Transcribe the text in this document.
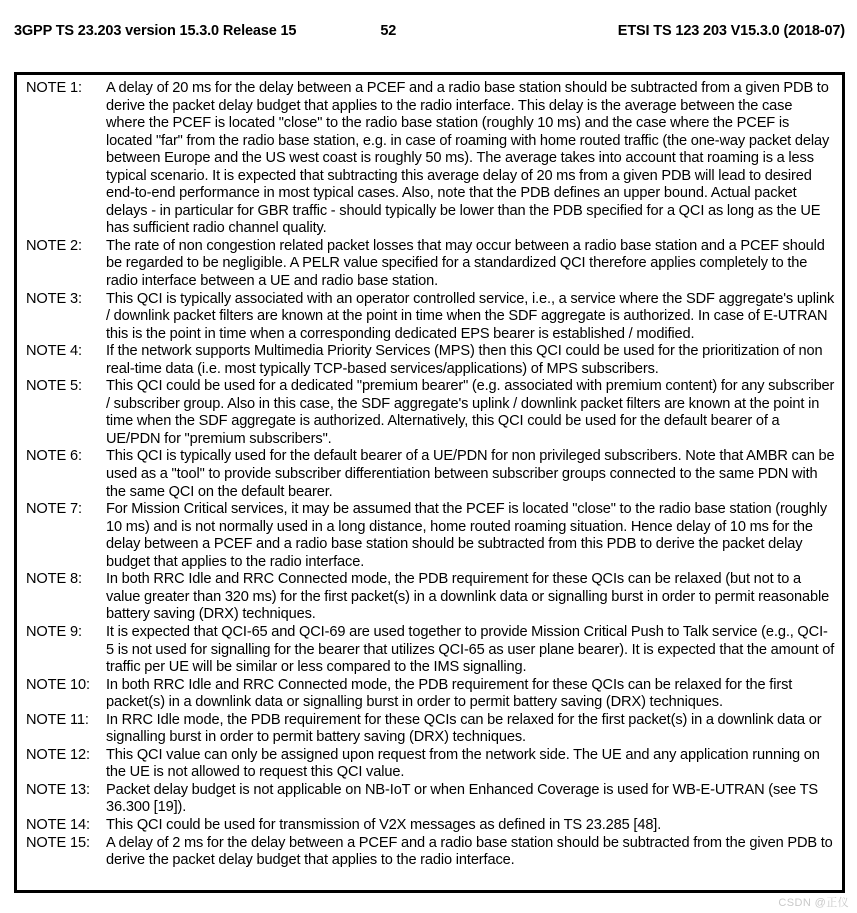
3GPP TS 23.203 version 15.3.0 Release 15	52	ETSI TS 123 203 V15.3.0 (2018-07)
NOTE 1:	A delay of 20 ms for the delay between a PCEF and a radio base station should be subtracted from a given PDB to derive the packet delay budget that applies to the radio interface. This delay is the average between the case where the PCEF is located "close" to the radio base station (roughly 10 ms) and the case where the PCEF is located "far" from the radio base station, e.g. in case of roaming with home routed traffic (the one-way packet delay between Europe and the US west coast is roughly 50 ms). The average takes into account that roaming is a less typical scenario. It is expected that subtracting this average delay of 20 ms from a given PDB will lead to desired end-to-end performance in most typical cases. Also, note that the PDB defines an upper bound. Actual packet delays - in particular for GBR traffic - should typically be lower than the PDB specified for a QCI as long as the UE has sufficient radio channel quality.
NOTE 2:	The rate of non congestion related packet losses that may occur between a radio base station and a PCEF should be regarded to be negligible. A PELR value specified for a standardized QCI therefore applies completely to the radio interface between a UE and radio base station.
NOTE 3:	This QCI is typically associated with an operator controlled service, i.e., a service where the SDF aggregate's uplink / downlink packet filters are known at the point in time when the SDF aggregate is authorized. In case of E-UTRAN this is the point in time when a corresponding dedicated EPS bearer is established / modified.
NOTE 4:	If the network supports Multimedia Priority Services (MPS) then this QCI could be used for the prioritization of non real-time data (i.e. most typically TCP-based services/applications) of MPS subscribers.
NOTE 5:	This QCI could be used for a dedicated "premium bearer" (e.g. associated with premium content) for any subscriber / subscriber group. Also in this case, the SDF aggregate's uplink / downlink packet filters are known at the point in time when the SDF aggregate is authorized. Alternatively, this QCI could be used for the default bearer of a UE/PDN for "premium subscribers".
NOTE 6:	This QCI is typically used for the default bearer of a UE/PDN for non privileged subscribers. Note that AMBR can be used as a "tool" to provide subscriber differentiation between subscriber groups connected to the same PDN with the same QCI on the default bearer.
NOTE 7:	For Mission Critical services, it may be assumed that the PCEF is located "close" to the radio base station (roughly 10 ms) and is not normally used in a long distance, home routed roaming situation. Hence delay of 10 ms for the delay between a PCEF and a radio base station should be subtracted from this PDB to derive the packet delay budget that applies to the radio interface.
NOTE 8:	In both RRC Idle and RRC Connected mode, the PDB requirement for these QCIs can be relaxed (but not to a value greater than 320 ms) for the first packet(s) in a downlink data or signalling burst in order to permit reasonable battery saving (DRX) techniques.
NOTE 9:	It is expected that QCI-65 and QCI-69 are used together to provide Mission Critical Push to Talk service (e.g., QCI-5 is not used for signalling for the bearer that utilizes QCI-65 as user plane bearer). It is expected that the amount of traffic per UE will be similar or less compared to the IMS signalling.
NOTE 10:	In both RRC Idle and RRC Connected mode, the PDB requirement for these QCIs can be relaxed for the first packet(s) in a downlink data or signalling burst in order to permit battery saving (DRX) techniques.
NOTE 11:	In RRC Idle mode, the PDB requirement for these QCIs can be relaxed for the first packet(s) in a downlink data or signalling burst in order to permit battery saving (DRX) techniques.
NOTE 12:	This QCI value can only be assigned upon request from the network side. The UE and any application running on the UE is not allowed to request this QCI value.
NOTE 13:	Packet delay budget is not applicable on NB-IoT or when Enhanced Coverage is used for WB-E-UTRAN (see TS 36.300 [19]).
NOTE 14:	This QCI could be used for transmission of V2X messages as defined in TS 23.285 [48].
NOTE 15:	A delay of 2 ms for the delay between a PCEF and a radio base station should be subtracted from the given PDB to derive the packet delay budget that applies to the radio interface.
CSDN @正仪
